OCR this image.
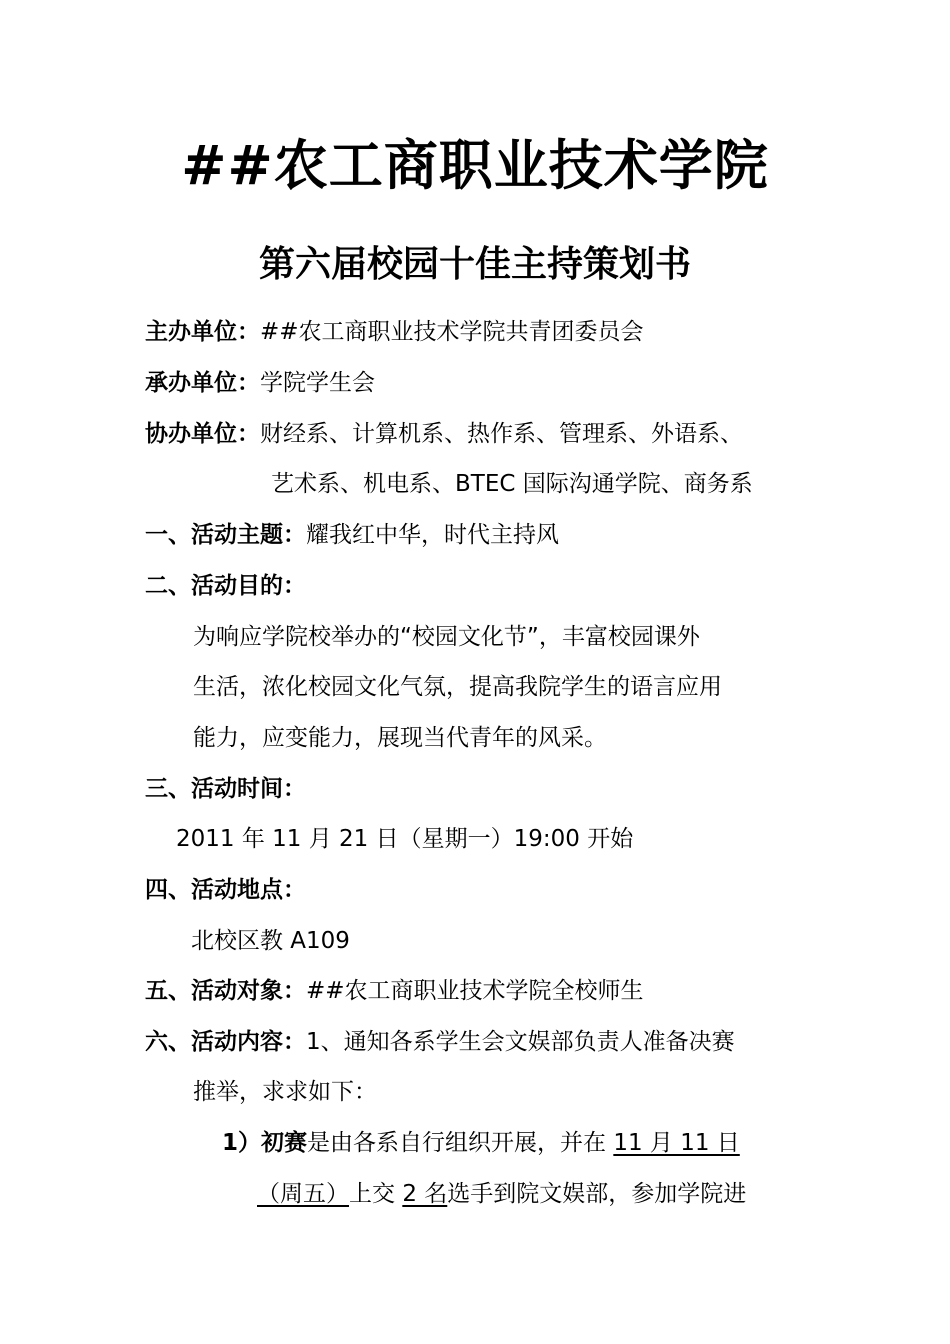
##农工商职业技术学院
第六届校园十佳主持策划书
主办单位：##农工商职业技术学院共青团委员会
承办单位：学院学生会
协办单位：财经系、计算机系、热作系、管理系、外语系、
艺术系、机电系、BTEC 国际沟通学院、商务系
一、活动主题：耀我红中华，时代主持风
二、活动目的：
为响应学院校举办的“校园文化节”，丰富校园课外
生活，浓化校园文化气氛，提高我院学生的语言应用
能力，应变能力，展现当代青年的风采。
三、活动时间：
2011 年 11 月 21 日（星期一）19:00 开始
四、活动地点：
北校区教 A109
五、活动对象：##农工商职业技术学院全校师生
六、活动内容：1、通知各系学生会文娱部负责人准备决赛
推举，求求如下：
1）初赛是由各系自行组织开展，并在 11 月 11 日
（周五）上交 2 名选手到院文娱部，参加学院进
